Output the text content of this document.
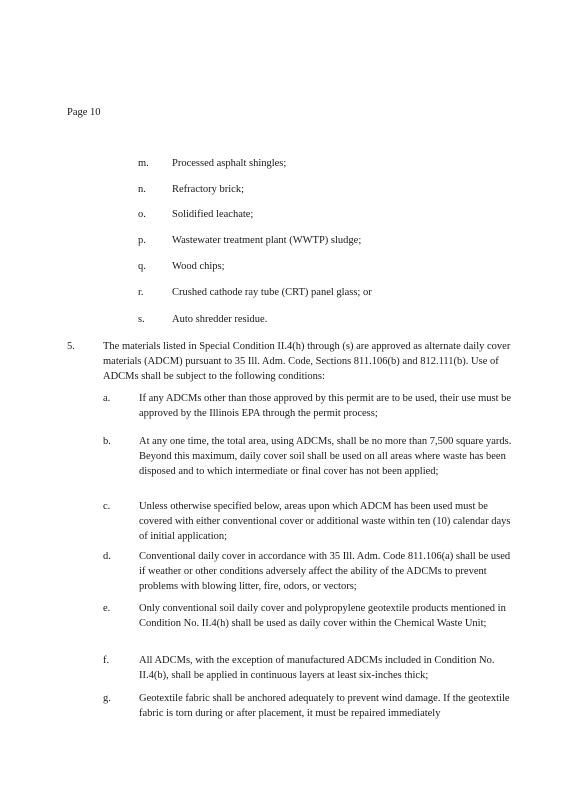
Page 10
m. Processed asphalt shingles;
n. Refractory brick;
o. Solidified leachate;
p. Wastewater treatment plant (WWTP) sludge;
q. Wood chips;
r.	Crushed cathode ray tube (CRT) panel glass; or
s.	Auto shredder residue.
5.	The materials listed in Special Condition II.4(h) through (s) are approved as alternate daily cover materials (ADCM) pursuant to 35 Ill. Adm. Code, Sections 811.106(b) and 812.111(b). Use of ADCMs shall be subject to the following conditions:
a.	If any ADCMs other than those approved by this permit are to be used, their use must be approved by the Illinois EPA through the permit process;
b.	At any one time, the total area, using ADCMs, shall be no more than 7,500 square yards. Beyond this maximum, daily cover soil shall be used on all areas where waste has been disposed and to which intermediate or final cover has not been applied;
c.	Unless otherwise specified below, areas upon which ADCM has been used must be covered with either conventional cover or additional waste within ten (10) calendar days of initial application;
d.	Conventional daily cover in accordance with 35 Ill. Adm. Code 811.106(a) shall be used if weather or other conditions adversely affect the ability of the ADCMs to prevent problems with blowing litter, fire, odors, or vectors;
e.	Only conventional soil daily cover and polypropylene geotextile products mentioned in Condition No. II.4(h) shall be used as daily cover within the Chemical Waste Unit;
f.	All ADCMs, with the exception of manufactured ADCMs included in Condition No. II.4(b), shall be applied in continuous layers at least six-inches thick;
g.	Geotextile fabric shall be anchored adequately to prevent wind damage. If the geotextile fabric is torn during or after placement, it must be repaired immediately
